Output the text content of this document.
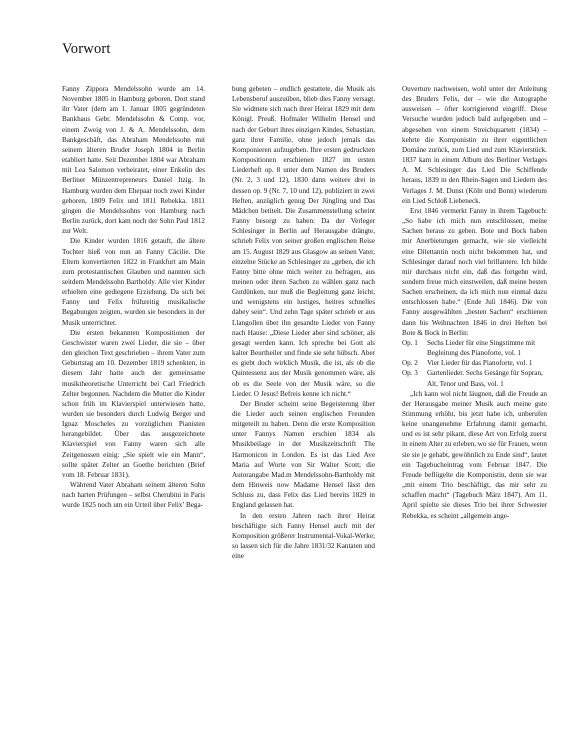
Vorwort

Fanny Zippora Mendelssohn wurde am 14. November 1805 in Hamburg geboren. Dort stand ihr Vater (dem am 1. Januar 1805 gegründeten Bankhaus Gebr. Mendelssohn & Comp. vor, einem Zweig von J. & A. Mendelssohn, dem Bankgeschäft, das Abraham Mendelssohn mit seinem älteren Bruder Joseph 1804 in Berlin etabliert hatte. Seit Dezember 1804 war Abraham mit Lea Salomon verheiratet, einer Enkelin des Berliner Münzentrepreneurs Daniel Itzig. In Hamburg wurden dem Ehepaar noch zwei Kinder geboren, 1809 Felix und 1811 Rebekka. 1811 gingen die Mendelssohns von Hamburg nach Berlin zurück, dort kam noch der Sohn Paul 1812 zur Welt.

Die Kinder wurden 1816 getauft, die ältere Tochter hieß von nun an Fanny Cäcilie. Die Eltern konvertierten 1822 in Frankfurt am Main zum protestantischen Glauben und nannten sich seitdem Mendelssohn Bartholdy. Alle vier Kinder erhielten eine gediegene Erziehung. Da sich bei Fanny und Felix frühzeitig musikalische Begabungen zeigten, wurden sie besonders in der Musik unterrichtet.

Die ersten bekannten Kompositionen der Geschwister waren zwei Lieder, die sie – über den gleichen Text geschrieben – ihrem Vater zum Geburtstag am 10. Dezember 1819 schenkten, in diesem Jahr hatte auch der gemeinsame musiktheoretische Unterricht bei Carl Friedrich Zelter begonnen. Nachdem die Mutter die Kinder schon früh im Klavierspiel unterwiesen hatte, wurden sie besonders durch Ludwig Berger und Ignaz Moscheles zu vorzüglichen Pianisten herangebildet. Über das ausgezeichnete Klavierspiel von Fanny waren sich alle Zeitgenossen einig: „Sie spielt wie ein Mann“, sollte später Zelter an Goethe berichten (Brief vom 18. Februar 1831).

Während Vater Abraham seinem älteren Sohn nach harten Prüfungen – selbst Cherubini in Paris wurde 1825 noch um ein Urteil über Felix’ Bega-

bung gebeten – endlich gestattete, die Musik als Lebensberuf auszuüben, blieb dies Fanny versagt. Sie widmete sich nach ihrer Heirat 1829 mit dem Königl. Preuß. Hofmaler Wilhelm Hensel und nach der Geburt ihres einzigen Kindes, Sebastian, ganz ihrer Familie, ohne jedoch jemals das Komponieren aufzugeben. Ihre ersten gedruckten Kompositionen erschienen 1827 im ersten Liederheft op. 8 unter dem Namen des Bruders (Nr. 2, 3 und 12), 1830 dann weitere drei in dessen op. 9 (Nr. 7, 10 und 12), publiziert in zwei Heften, anzüglich genug Der Jüngling und Das Mädchen betitelt. Die Zusammenstellung scheint Fanny besorgt zu haben: Da der Verleger Schlesinger in Berlin auf Herausgabe drängte, schrieb Felix von seiner großen englischen Reise am 15. August 1829 aus Glasgow an seinen Vater, einzelne Stücke an Schlesinger zu „geben, die ich Fanny bitte ohne mich weiter zu befragen, aus meinen oder ihren Sachen zu wählen ganz nach Gutdünken, nur muß die Begleitung ganz leicht, und wenigstens ein lustiges, heitres schnelles dabey sein“. Und zehn Tage später schrieb er aus Llangollen über ihn gesandte Lieder von Fanny nach Hause: „Diese Lieder aber sind schöner, als gesagt werden kann. Ich spreche bei Gott als kalter Beurtheiler und finde sie sehr hübsch. Aber es giebt doch wirklich Musik, die ist, als ob die Quintessenz aus der Musik genommen wäre, als ob es die Seele von der Musik wäre, so die Lieder. O Jesus! Befreis kenne ich nicht.“

Der Bruder scheint seine Begeisterung über die Lieder auch seinen englischen Freunden mitgeteilt zu haben. Denn die erste Komposition unter Fannys Namen erschien 1834 als Musikbeilage in der Musikzeitschrift The Harmonicon in London. Es ist das Lied Ave Maria auf Worte von Sir Walter Scott; die Autorangabe Mad.m Mendelssohn-Bartholdy mit dem Hinweis now Madame Hensel lässt den Schluss zu, dass Felix das Lied bereits 1829 in England gelassen hat.

In den ersten Jahren nach ihrer Heirat beschäftigte sich Fanny Hensel auch mit der Komposition größerer Instrumental-Vokal-Werke; so lassen sich für die Jahre 1831/32 Kantaten und eine

Ouverture nachweisen, wohl unter der Anleitung des Bruders Felix, der – wie die Autographe ausweisen – öfter korrigierend eingriff. Diese Versuche wurden jedoch bald aufgegeben und – abgesehen von einem Streichquartett (1834) – kehrte die Komponistin zu ihrer eigentlichen Domäne zurück, zum Lied und zum Klavierstück. 1837 kam in einem Album des Berliner Verlages A. M. Schlesinger das Lied Die Schiffende heraus, 1839 in den Rhein-Sagen und Liedern des Verlages J. M. Dunst (Köln und Bonn) wiederum ein Lied Schloß Liebeneck.

Erst 1846 vermerkt Fanny in ihrem Tagebuch: „So habe ich mich nun entschlossen, meine Sachen heraus zu geben. Bote und Bock haben mir Anerbietungen gemacht, wie sie vielleicht eine Dilettantin noch nicht bekommen hat, und Schlesinger darauf noch viel brillantere. Ich bilde mir durchaus nicht ein, daß das fortgehn wird, sondern freue mich einstweilen, daß meine besten Sachen erscheinen, da ich mich nun einmal dazu entschlossen habe.“ (Ende Juli 1846). Die von Fanny ausgewählten „besten Sachen“ erschienen dann bis Weihnachten 1846 in drei Heften bei Bote & Bock in Berlin:

Op. 1	Sechs Lieder für eine Singstimme mit Begleitung des Pianoforte, vol. 1
Op. 2	Vier Lieder für das Pianoforte, vol. 1
Op. 3	Gartenlieder. Sechs Gesänge für Sopran, Alt, Tenor und Bass, vol. 1

„Ich kann wol nicht läugnen, daß die Freude an der Herausgabe meiner Musik auch meine gute Stimmung erhöht, bis jetzt habe ich, unberufen keine unangenehme Erfahrung damit gemacht, und es ist sehr pikant, diese Art von Erfolg zuerst in einem Alter zu erleben, wo sie für Frauen, wenn sie sie je gehabt, gewöhnlich zu Ende sind“, lautet ein Tagebucheintrag vom Februar 1847. Die Freude beflügelte die Komponistin, denn sie war „mit einem Trio beschäftigt, das mir sehr zu schaffen macht“ (Tagebuch März 1847). Am 11. April spielte sie dieses Trio bei ihrer Schwester Rebekka, es scheint „allgemein ange-
